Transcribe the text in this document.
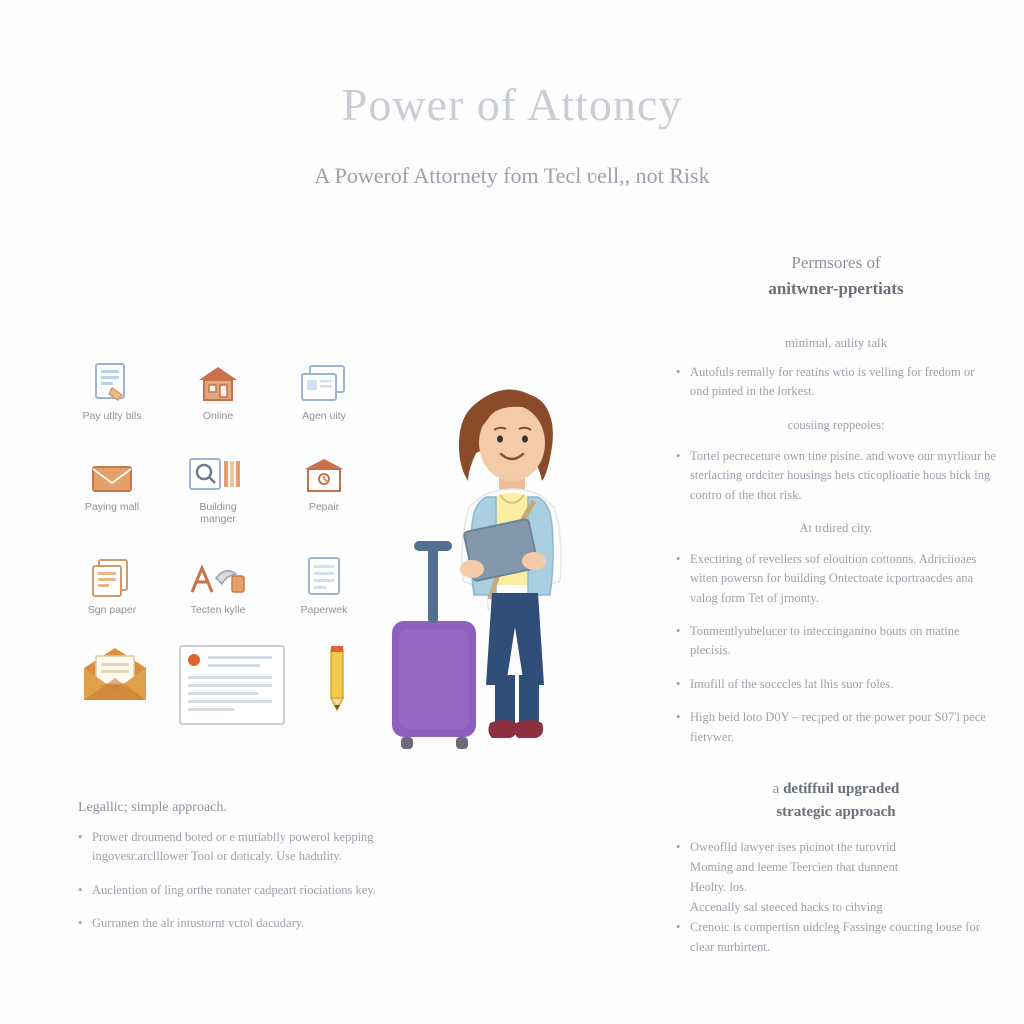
Power of Attoncy
A Powerof Attornety fom Tecl ʋell,, not Risk
Pay utlty bils	Online	Agen uity
Paying mall	Building manger
Pepair
Sgn paper	Tecten kylle	Paperwek
Permsores of
anitwner-ppertiats
minimal, aulity talk
• Autofuls remally for reatins wtio is velling for fredom or ond pinted in the lorkest.
cousiing reppeoies:
• Tortel pecreceture own tine pisine. and wove our myrliour be sterlacting ordciter housings hets cticoplioatie hous bick ing contro of the thot risk.
At trdired city.
• Exectiring of revellers sof elouition cottonns. Adriciioaes witen powersn for building Ontectoate icportraacdes ana valog form Tet of jrnonty.
• Tonmentlyubelucer to inteccinganino bouts on matine plecisis.
• Imofill of the socccles lat lhis suor foles.
• High beid loto D0Y – rec¡ped or the power pour S07'l pece fietvwer.
Legallic; simple approach.
• Prower droumend boted or e mutiablly powerol kepping ingovesr.arclllower Tool or doticaly. Use hadulity.
• Auclention of ling orthe ronater cadpeart riociations key.
• Gurranen the alr intustornt vctol dacudary.
a detiffuil upgraded
strategic approach
• Oweoflld lawyer ises picinot the turovrid
Moming and leeme Teercien that dunnent
Heolty. los.
Accenally sal steeced hacks to cihving
• Crenoic is compertisn uidcleg Fassinge coucting louse for clear nurbirtent.
